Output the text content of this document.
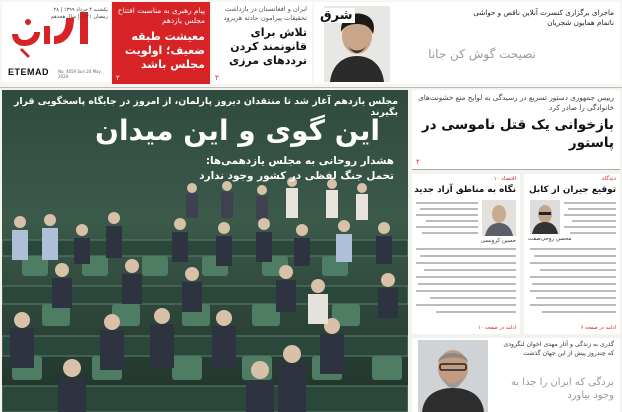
یکشنبه ۴ خرداد ۱۳۹۹ | ۲۸ رمضان ۱۴۴۱ | سال هجدهم
ETEMAD No. 4659 Sun 24 May 2020
پیام رهبری به مناسبت افتتاح مجلس یازدهم
معیشت طبقه ضعیف؛ اولویت مجلس باشد
۲
ایران و افغانستان در بازداشت تحقیقات پیرامون حادثه هریرود
تلاش برای قانونمند کردن ترددهای مرزی
۳
شرق	ماجرای برگزاری کنسرت آنلاین ناقص و حواشی ناتمام همایون شجریان
نصیحت گوش کن جانا
مجلس یازدهم آغاز شد تا منتقدان دیروز پارلمان، از امروز در جایگاه پاسخگویی قرار بگیرند
این گوی و این میدان
هشدار روحانی به مجلس یازدهمی‌ها:
تحمل جنگ لفظی در کشور وجود ندارد
رییس جمهوری دستور تسریع در رسیدگی به لوایح منع خشونت‌های خانوادگی را صادر کرد
بازخوانی یک قتل ناموسی در پاستور
۲
دیدگاه
توقیع جیران از کابل
محسن روحی‌صفت
ادامه در صفحه ۶
اقتصاد ۱۰
نگاه به مناطق آزاد جدید
حسین کرونسی
ادامه در صفحه ۱۰
گذری به زندگی و آثار مهدی اخوان لنگرودی که چندروز پیش از این جهان گذشت
بردگی که ایران را جدا به وجود بیاورد
